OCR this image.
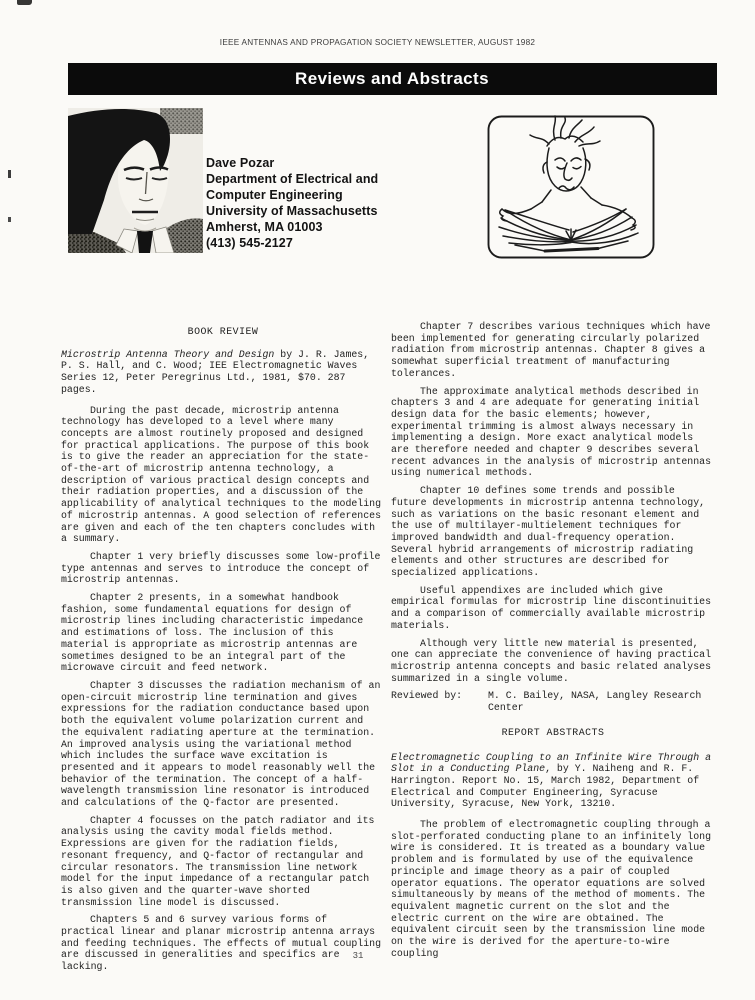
IEEE ANTENNAS AND PROPAGATION SOCIETY NEWSLETTER, AUGUST 1982
Reviews and Abstracts
Dave Pozar
Department of Electrical and
Computer Engineering
University of Massachusetts
Amherst, MA 01003
(413) 545-2127
BOOK REVIEW

Microstrip Antenna Theory and Design by J. R. James, P. S. Hall, and C. Wood; IEE Electromagnetic Waves Series 12, Peter Peregrinus Ltd., 1981, $70. 287 pages.

During the past decade, microstrip antenna technology has developed to a level where many concepts are almost routinely proposed and designed for practical applications. The purpose of this book is to give the reader an appreciation for the state-of-the-art of microstrip antenna technology, a description of various practical design concepts and their radiation properties, and a discussion of the applicability of analytical techniques to the modeling of microstrip antennas. A good selection of references are given and each of the ten chapters concludes with a summary.

Chapter 1 very briefly discusses some low-profile type antennas and serves to introduce the concept of microstrip antennas.

Chapter 2 presents, in a somewhat handbook fashion, some fundamental equations for design of microstrip lines including characteristic impedance and estimations of loss. The inclusion of this material is appropriate as microstrip antennas are sometimes designed to be an integral part of the microwave circuit and feed network.

Chapter 3 discusses the radiation mechanism of an open-circuit microstrip line termination and gives expressions for the radiation conductance based upon both the equivalent volume polarization current and the equivalent radiating aperture at the termination. An improved analysis using the variational method which includes the surface wave excitation is presented and it appears to model reasonably well the behavior of the termination. The concept of a half-wavelength transmission line resonator is introduced and calculations of the Q-factor are presented.

Chapter 4 focusses on the patch radiator and its analysis using the cavity modal fields method. Expressions are given for the radiation fields, resonant frequency, and Q-factor of rectangular and circular resonators. The transmission line network model for the input impedance of a rectangular patch is also given and the quarter-wave shorted transmission line model is discussed.

Chapters 5 and 6 survey various forms of practical linear and planar microstrip antenna arrays and feeding techniques. The effects of mutual coupling are discussed in generalities and specifics are lacking.

Chapter 7 describes various techniques which have been implemented for generating circularly polarized radiation from microstrip antennas. Chapter 8 gives a somewhat superficial treatment of manufacturing tolerances.

The approximate analytical methods described in chapters 3 and 4 are adequate for generating initial design data for the basic elements; however, experimental trimming is almost always necessary in implementing a design. More exact analytical models are therefore needed and chapter 9 describes several recent advances in the analysis of microstrip antennas using numerical methods.

Chapter 10 defines some trends and possible future developments in microstrip antenna technology, such as variations on the basic resonant element and the use of multilayer-multielement techniques for improved bandwidth and dual-frequency operation. Several hybrid arrangements of microstrip radiating elements and other structures are described for specialized applications.

Useful appendixes are included which give empirical formulas for microstrip line discontinuities and a comparison of commercially available microstrip materials.

Although very little new material is presented, one can appreciate the convenience of having practical microstrip antenna concepts and basic related analyses summarized in a single volume.

Reviewed by:	M. C. Bailey, NASA, Langley Research
Center
REPORT ABSTRACTS

Electromagnetic Coupling to an Infinite Wire Through a Slot in a Conducting Plane, by Y. Naiheng and R. F. Harrington. Report No. 15, March 1982, Department of Electrical and Computer Engineering, Syracuse University, Syracuse, New York, 13210.

The problem of electromagnetic coupling through a slot-perforated conducting plane to an infinitely long wire is considered. It is treated as a boundary value problem and is formulated by use of the equivalence principle and image theory as a pair of coupled operator equations. The operator equations are solved simultaneously by means of the method of moments. The equivalent magnetic current on the slot and the electric current on the wire are obtained. The equivalent circuit seen by the transmission line mode on the wire is derived for the aperture-to-wire coupling

31
